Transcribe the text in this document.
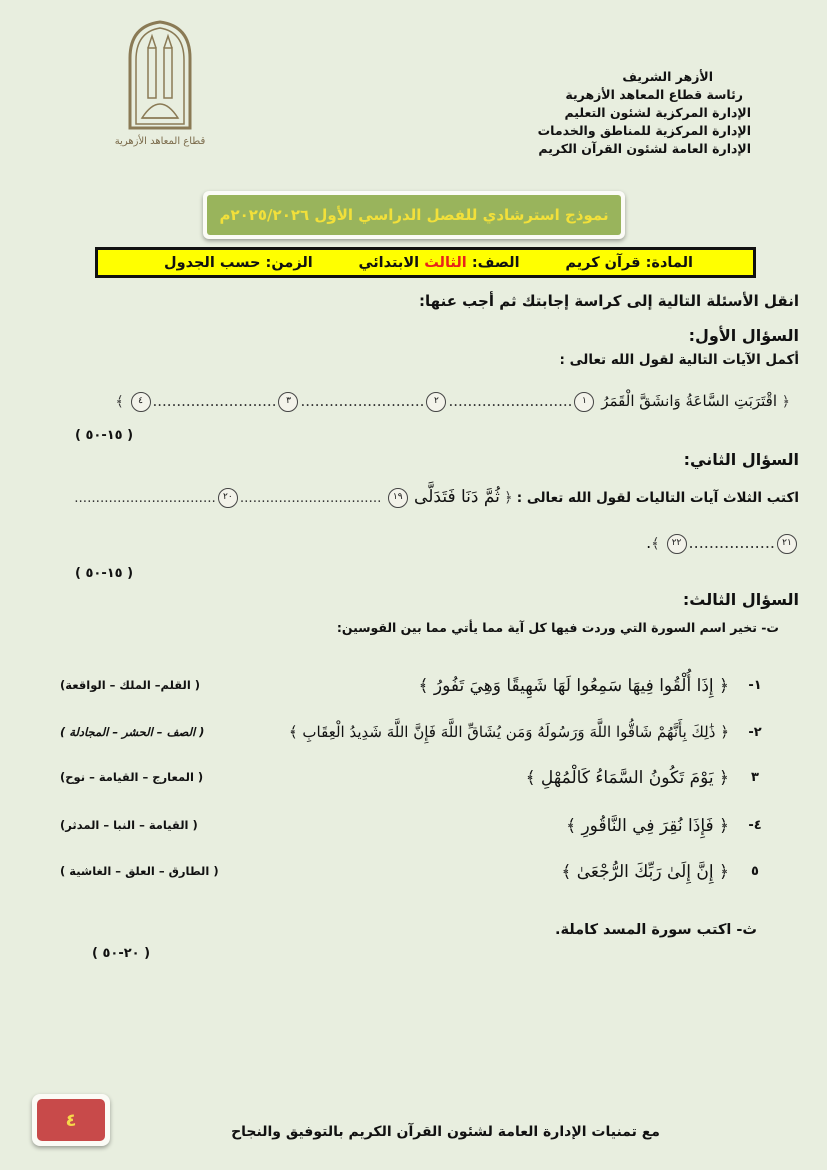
قطاع المعاهد الأزهرية
الأزهر الشريف
رئاسة قطاع المعاهد الأزهرية
الإدارة المركزية لشئون التعليم
الإدارة المركزية للمناطق والخدمات
الإدارة العامة لشئون القرآن الكريم
نموذج استرشادي للفصل الدراسي الأول ٢٠٢٥/٢٠٢٦م
المادة: قرآن كريم
الصف: الثالث الابتدائي
الزمن: حسب الجدول
انقل الأسئلة التالية إلى كراسة إجابتك ثم أجب عنها:
السؤال الأول:
أكمل الآيات التالية لقول الله تعالى :
﴿ اقْتَرَبَتِ السَّاعَةُ وَانشَقَّ الْقَمَرُ ١..........................٢..........................٣..........................٤ ﴾
( ١٥-٥٠ )
السؤال الثاني:
اكتب الثلاث آيات التاليات لقول الله تعالى : ﴿ ثُمَّ دَنَا فَتَدَلَّى ١٩ .................................٢٠.................................
٢١.................٢٢ ﴾.
( ١٥-٥٠ )
السؤال الثالث:
ت- تخير اسم السورة التي وردت فيها كل آية مما يأتي مما بين القوسين:
١-
﴿ إِذَا أُلْقُوا فِيهَا سَمِعُوا لَهَا شَهِيقًا وَهِيَ تَفُورُ ﴾
( القلم– الملك – الواقعة)
٢-
﴿ ذَٰلِكَ بِأَنَّهُمْ شَاقُّوا اللَّهَ وَرَسُولَهُ وَمَن يُشَاقِّ اللَّهَ فَإِنَّ اللَّهَ شَدِيدُ الْعِقَابِ ﴾
( الصف – الحشر – المجادلة )
٣
﴿ يَوْمَ تَكُونُ السَّمَاءُ كَالْمُهْلِ ﴾
( المعارج – القيامة – نوح)
٤-
﴿ فَإِذَا نُقِرَ فِي النَّاقُورِ ﴾
( القيامة – النبا – المدثر)
٥
﴿ إِنَّ إِلَىٰ رَبِّكَ الرُّجْعَىٰ ﴾
( الطارق – العلق – الغاشية )
ث- اكتب سورة المسد كاملة.
( ٢٠-٥٠ )
٤
مع تمنيات الإدارة العامة لشئون القرآن الكريم بالتوفيق والنجاح
